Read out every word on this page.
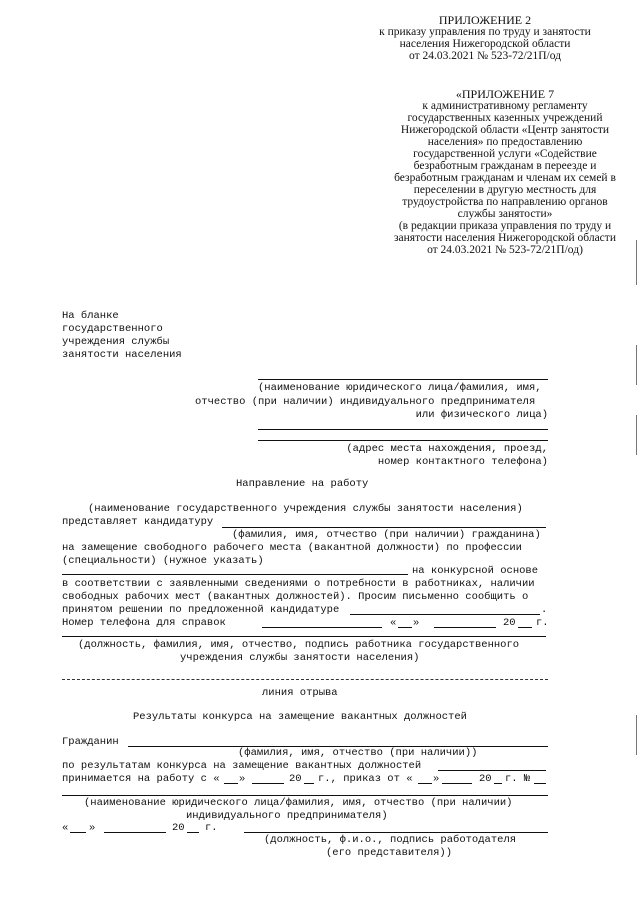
ПРИЛОЖЕНИЕ 2
к приказу управления по труду и занятости
населения Нижегородской области
от 24.03.2021 № 523-72/21П/од
«ПРИЛОЖЕНИЕ 7
к административному регламенту
государственных казенных учреждений
Нижегородской области «Центр занятости
населения» по предоставлению
государственной услуги «Содействие
безработным гражданам в переезде и
безработным гражданам и членам их семей в
переселении в другую местность для
трудоустройства по направлению органов
службы занятости»
(в редакции приказа управления по труду и
занятости населения Нижегородской области
от 24.03.2021 № 523-72/21П/од)
На бланке
государственного
учреждения службы
занятости населения
(наименование юридического лица/фамилия, имя,
отчество (при наличии) индивидуального предпринимателя
или физического лица)
(адрес места нахождения, проезд,
номер контактного телефона)
Направление на работу
(наименование государственного учреждения службы занятости населения)
представляет кандидатуру
(фамилия, имя, отчество (при наличии) гражданина)
на замещение свободного рабочего места (вакантной должности) по профессии
(специальности) (нужное указать)
на конкурсной основе
в соответствии с заявленными сведениями о потребности в работниках, наличии
свободных рабочих мест (вакантных должностей). Просим письменно сообщить о
принятом решении по предложенной кандидатуре	.
Номер телефона для справок	« »	20 г.
(должность, фамилия, имя, отчество, подпись работника государственного
учреждения службы занятости населения)
линия отрыва
Результаты конкурса на замещение вакантных должностей
Гражданин
(фамилия, имя, отчество (при наличии))
по результатам конкурса на замещение вакантных должностей
принимается на работу с « »	20 г., приказ от « »	20 г. №
(наименование юридического лица/фамилия, имя, отчество (при наличии)
индивидуального предпринимателя)
« »	20 г.
(должность, ф.и.о., подпись работодателя
(его представителя))
